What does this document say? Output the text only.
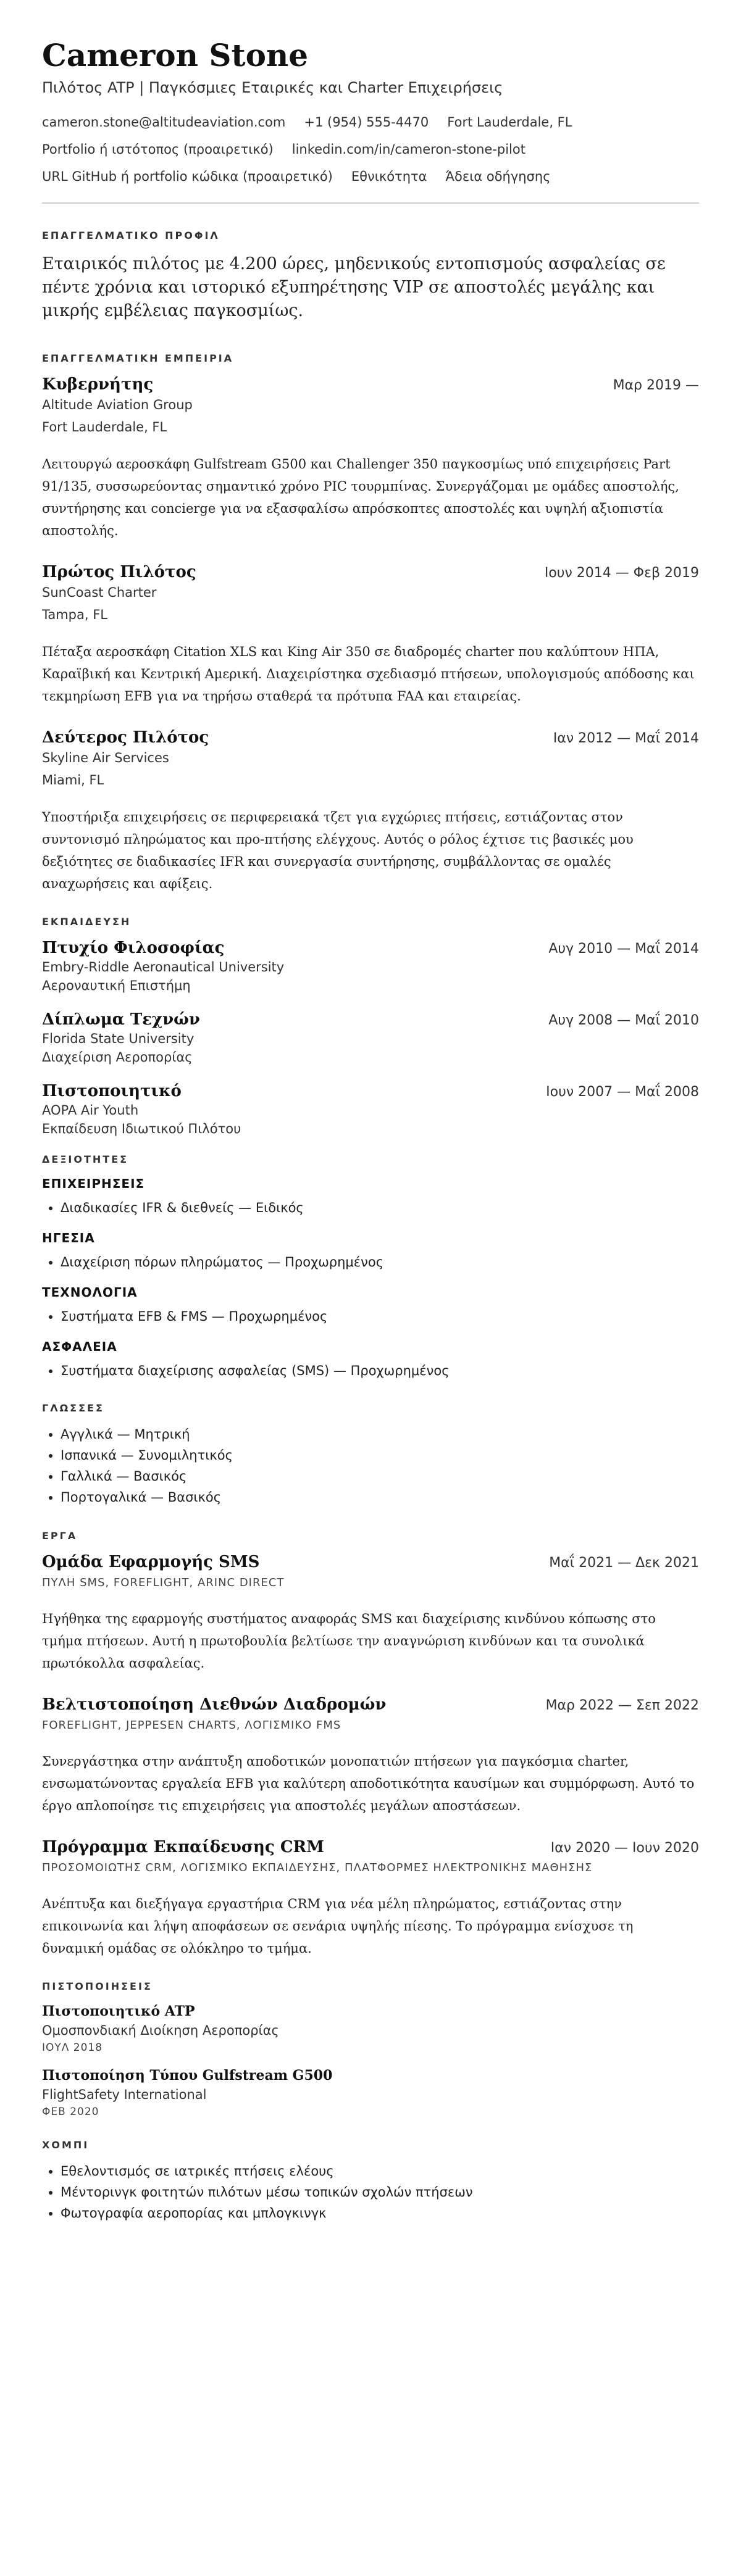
Cameron Stone
Πιλότος ATP | Παγκόσμιες Εταιρικές και Charter Επιχειρήσεις
cameron.stone@altitudeaviation.com +1 (954) 555-4470 Fort Lauderdale, FL
Portfolio ή ιστότοπος (προαιρετικό) linkedin.com/in/cameron-stone-pilot
URL GitHub ή portfolio κώδικα (προαιρετικό) Εθνικότητα Άδεια οδήγησης
ΕΠΑΓΓΕΛΜΑΤΙΚΟ ΠΡΟΦΙΛ

Εταιρικός πιλότος με 4.200 ώρες, μηδενικούς εντοπισμούς ασφαλείας σε πέντε χρόνια και ιστορικό εξυπηρέτησης VIP σε αποστολές μεγάλης και μικρής εμβέλειας παγκοσμίως.

ΕΠΑΓΓΕΛΜΑΤΙΚΗ ΕΜΠΕΙΡΙΑ
Κυβερνήτης	Μαρ 2019 —
Altitude Aviation Group
Fort Lauderdale, FL
Λειτουργώ αεροσκάφη Gulfstream G500 και Challenger 350 παγκοσμίως υπό επιχειρήσεις Part 91/135, συσσωρεύοντας σημαντικό χρόνο PIC τουρμπίνας. Συνεργάζομαι με ομάδες αποστολής, συντήρησης και concierge για να εξασφαλίσω απρόσκοπτες αποστολές και υψηλή αξιοπιστία αποστολής.
Πρώτος Πιλότος	Ιουν 2014 — Φεβ 2019
SunCoast Charter
Tampa, FL
Πέταξα αεροσκάφη Citation XLS και King Air 350 σε διαδρομές charter που καλύπτουν ΗΠΑ, Καραϊβική και Κεντρική Αμερική. Διαχειρίστηκα σχεδιασμό πτήσεων, υπολογισμούς απόδοσης και τεκμηρίωση EFB για να τηρήσω σταθερά τα πρότυπα FAA και εταιρείας.
Δεύτερος Πιλότος	Ιαν 2012 — Μαΐ 2014
Skyline Air Services
Miami, FL
Υποστήριξα επιχειρήσεις σε περιφερειακά τζετ για εγχώριες πτήσεις, εστιάζοντας στον συντονισμό πληρώματος και προ-πτήσης ελέγχους. Αυτός ο ρόλος έχτισε τις βασικές μου δεξιότητες σε διαδικασίες IFR και συνεργασία συντήρησης, συμβάλλοντας σε ομαλές αναχωρήσεις και αφίξεις.
ΕΚΠΑΙΔΕΥΣΗ
Πτυχίο Φιλοσοφίας	Αυγ 2010 — Μαΐ 2014
Embry-Riddle Aeronautical University
Αεροναυτική Επιστήμη
Δίπλωμα Τεχνών	Αυγ 2008 — Μαΐ 2010
Florida State University
Διαχείριση Αεροπορίας
Πιστοποιητικό	Ιουν 2007 — Μαΐ 2008
AOPA Air Youth
Εκπαίδευση Ιδιωτικού Πιλότου
ΔΕΞΙΟΤΗΤΕΣ
ΕΠΙΧΕΙΡΗΣΕΙΣ
• Διαδικασίες IFR & διεθνείς — Ειδικός
ΗΓΕΣΙΑ
• Διαχείριση πόρων πληρώματος — Προχωρημένος
ΤΕΧΝΟΛΟΓΙΑ
• Συστήματα EFB & FMS — Προχωρημένος
ΑΣΦΑΛΕΙΑ
• Συστήματα διαχείρισης ασφαλείας (SMS) — Προχωρημένος
ΓΛΩΣΣΕΣ
• Αγγλικά — Μητρική
• Ισπανικά — Συνομιλητικός
• Γαλλικά — Βασικός
• Πορτογαλικά — Βασικός
ΕΡΓΑ
Ομάδα Εφαρμογής SMS	Μαΐ 2021 — Δεκ 2021
ΠΥΛΗ SMS, FOREFLIGHT, ARINC DIRECT
Ηγήθηκα της εφαρμογής συστήματος αναφοράς SMS και διαχείρισης κινδύνου κόπωσης στο τμήμα πτήσεων. Αυτή η πρωτοβουλία βελτίωσε την αναγνώριση κινδύνων και τα συνολικά πρωτόκολλα ασφαλείας.
Βελτιστοποίηση Διεθνών Διαδρομών	Μαρ 2022 — Σεπ 2022
FOREFLIGHT, JEPPESEN CHARTS, ΛΟΓΙΣΜΙΚΟ FMS
Συνεργάστηκα στην ανάπτυξη αποδοτικών μονοπατιών πτήσεων για παγκόσμια charter, ενσωματώνοντας εργαλεία EFB για καλύτερη αποδοτικότητα καυσίμων και συμμόρφωση. Αυτό το έργο απλοποίησε τις επιχειρήσεις για αποστολές μεγάλων αποστάσεων.
Πρόγραμμα Εκπαίδευσης CRM	Ιαν 2020 — Ιουν 2020
ΠΡΟΣΟΜΟΙΩΤΗΣ CRM, ΛΟΓΙΣΜΙΚΟ ΕΚΠΑΙΔΕΥΣΗΣ, ΠΛΑΤΦΟΡΜΕΣ ΗΛΕΚΤΡΟΝΙΚΗΣ ΜΑΘΗΣΗΣ
Ανέπτυξα και διεξήγαγα εργαστήρια CRM για νέα μέλη πληρώματος, εστιάζοντας στην επικοινωνία και λήψη αποφάσεων σε σενάρια υψηλής πίεσης. Το πρόγραμμα ενίσχυσε τη δυναμική ομάδας σε ολόκληρο το τμήμα.
ΠΙΣΤΟΠΟΙΗΣΕΙΣ
Πιστοποιητικό ATP
Ομοσπονδιακή Διοίκηση Αεροπορίας
ΙΟΥΛ 2018
Πιστοποίηση Τύπου Gulfstream G500
FlightSafety International
ΦΕΒ 2020
ΧΟΜΠΙ
• Εθελοντισμός σε ιατρικές πτήσεις ελέους
• Μέντορινγκ φοιτητών πιλότων μέσω τοπικών σχολών πτήσεων
• Φωτογραφία αεροπορίας και μπλογκινγκ
